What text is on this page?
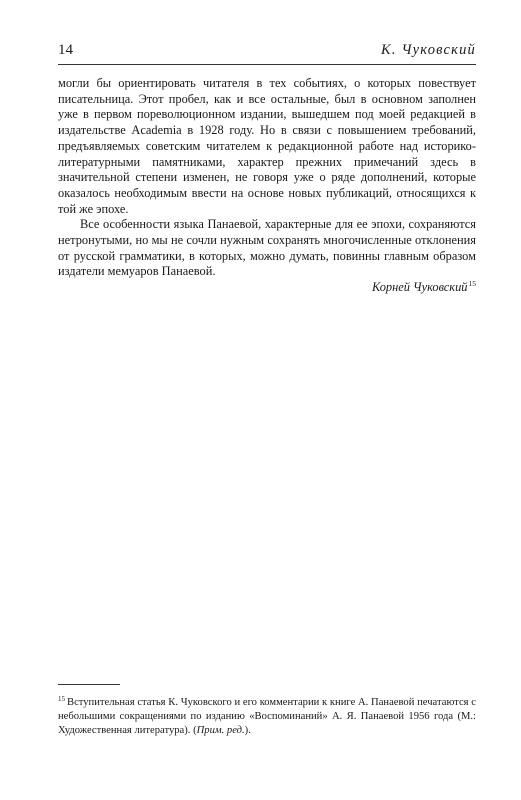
14	К. Чуковский

могли бы ориентировать читателя в тех событиях, о которых повествует писательница. Этот пробел, как и все остальные, был в основном заполнен уже в первом пореволюционном издании, вышедшем под моей редакцией в издательстве Academia в 1928 году. Но в связи с повышением требований, предъявляемых советским читателем к редакционной работе над историко-литературными памятниками, характер прежних примечаний здесь в значительной степени изменен, не говоря уже о ряде дополнений, которые оказалось необходимым ввести на основе новых публикаций, относящихся к той же эпохе.

Все особенности языка Панаевой, характерные для ее эпохи, сохраняются нетронутыми, но мы не сочли нужным сохранять многочисленные отклонения от русской грамматики, в которых, можно думать, повинны главным образом издатели мемуаров Панаевой.

Корней Чуковский$^{15}$
$^{15}$ Вступительная статья К. Чуковского и его комментарии к книге А. Панаевой печатаются с небольшими сокращениями по изданию «Воспоминаний» А. Я. Панаевой 1956 года (М.: Художественная литература). (Прим. ред.).
